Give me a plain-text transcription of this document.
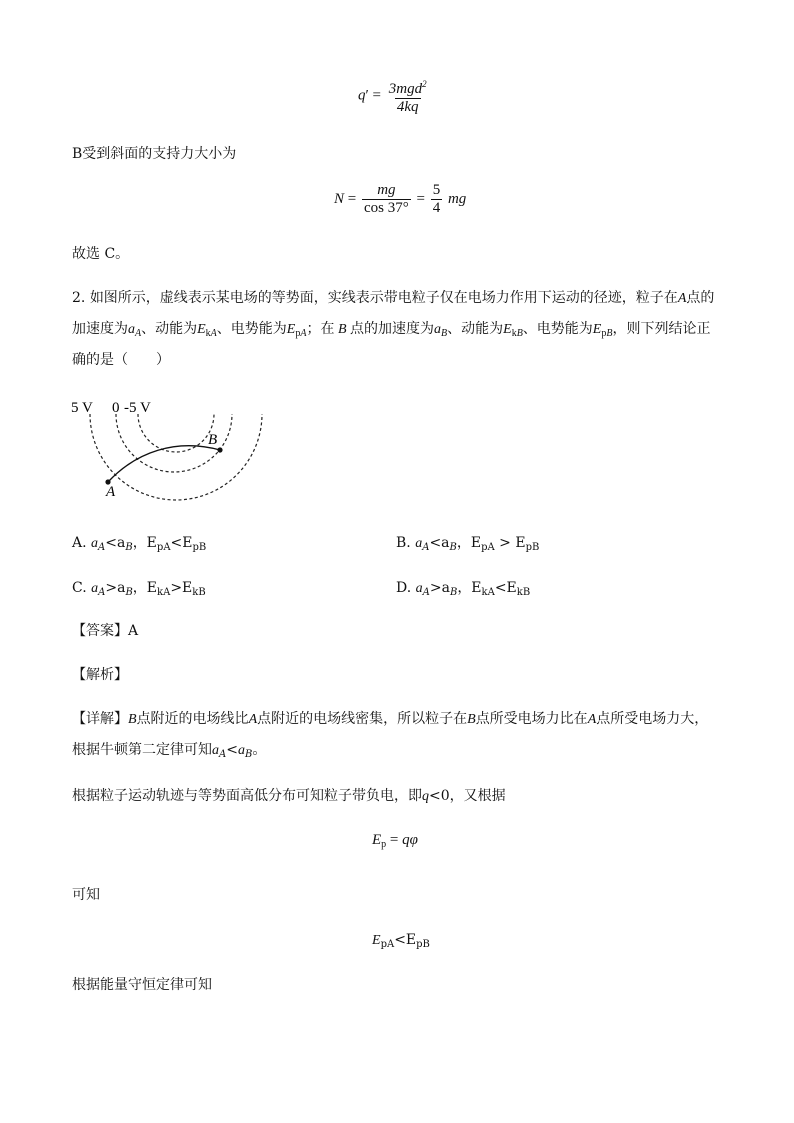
$q' = \frac{3mgd^2}{4kq}$
B受到斜面的支持力大小为
$N = \frac{mg}{\cos 37^\circ} = \frac{5}{4}$ mg
故选 C。
2. 如图所示，虚线表示某电场的等势面，实线表示带电粒子仅在电场力作用下运动的径迹，粒子在A点的
加速度为$a_A$、动能为$E_{kA}$、电势能为$E_{pA}$；在 B 点的加速度为$a_B$、动能为$E_{kB}$、电势能为$E_{pB}$，则下列结论正
确的是（　　）
5 V 0 -5 V
A
B
A. $a_A<a_B$，$E_{pA}<E_{pB}$	B. $a_A<a_B$，$E_{pA} > E_{pB}$
C. $a_A>a_B$，$E_{kA}>E_{kB}$	D. $a_A>a_B$，$E_{kA}<E_{kB}$
【答案】A
【解析】
【详解】B点附近的电场线比A点附近的电场线密集，所以粒子在B点所受电场力比在A点所受电场力大，
根据牛顿第二定律可知$a_A<a_B$。
根据粒子运动轨迹与等势面高低分布可知粒子带负电，即q<0，又根据
$E_p = q\varphi$
可知
$E_{pA}<E_{pB}$
根据能量守恒定律可知
